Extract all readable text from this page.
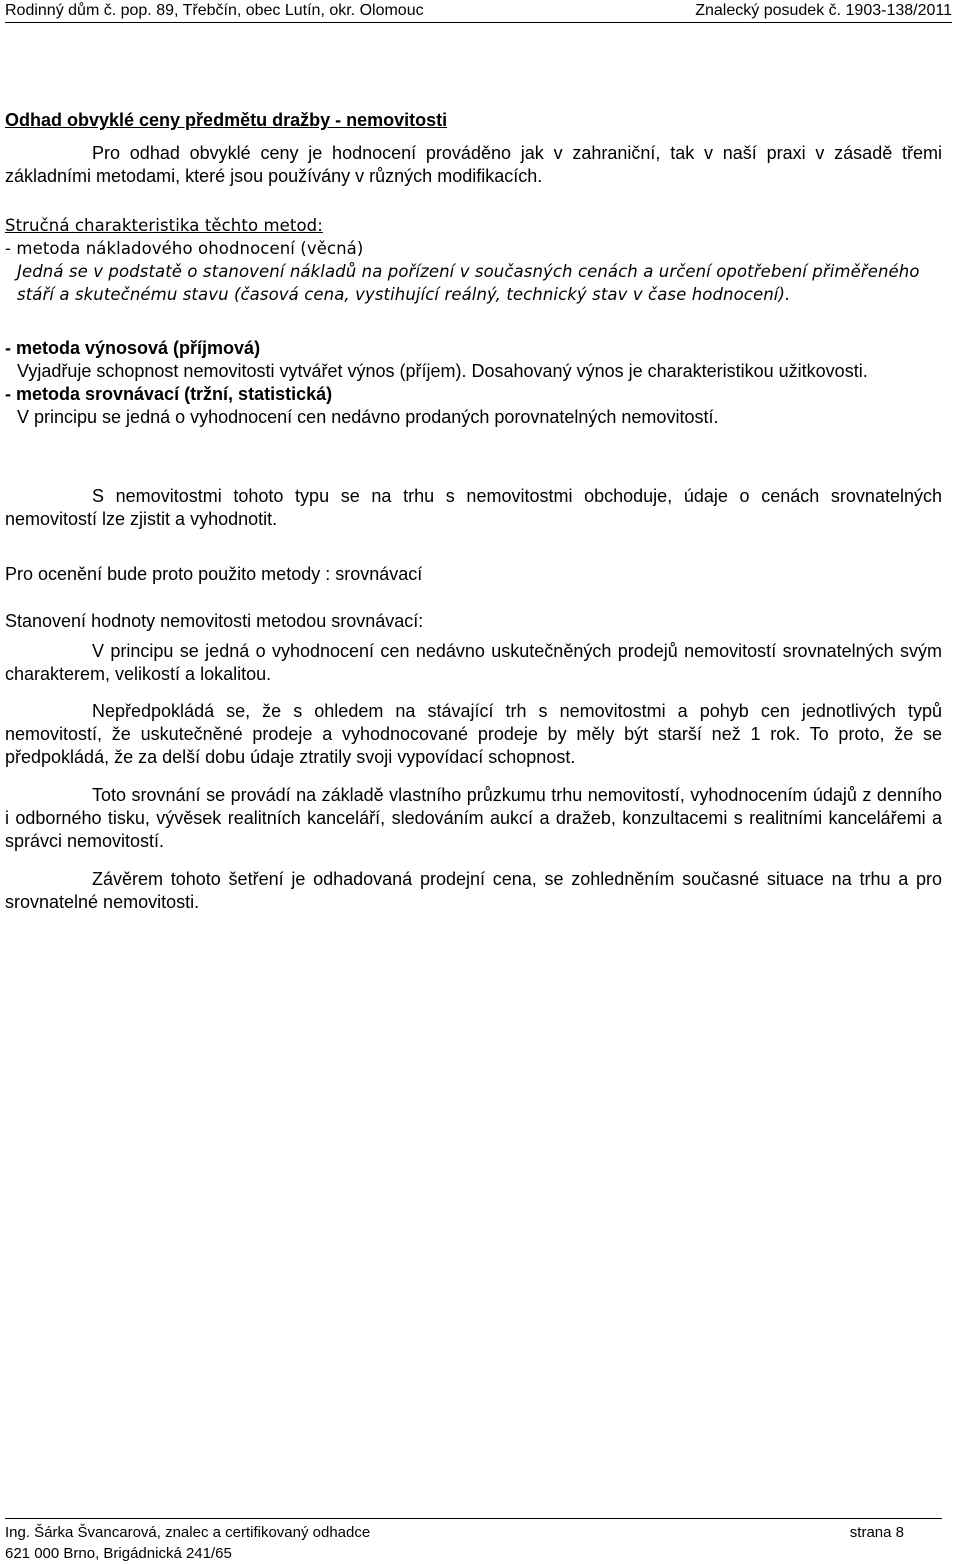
Rodinný dům č. pop. 89, Třebčín, obec Lutín, okr. Olomouc	Znalecký posudek č. 1903-138/2011
Odhad obvyklé ceny předmětu dražby - nemovitosti
Pro odhad obvyklé ceny je hodnocení prováděno jak v zahraniční, tak v naší praxi v zásadě třemi základními metodami, které jsou používány v různých modifikacích.
Stručná charakteristika těchto metod:
- metoda nákladového ohodnocení (věcná)
Jedná se v podstatě o stanovení nákladů na pořízení v současných cenách a určení opotřebení přiměřeného stáří a skutečnému stavu (časová cena, vystihující reálný, technický stav v čase hodnocení).
- metoda výnosová (příjmová)
Vyjadřuje schopnost nemovitosti vytvářet výnos (příjem). Dosahovaný výnos je charakteristikou užitkovosti.
- metoda srovnávací (tržní, statistická)
V principu se jedná o vyhodnocení cen nedávno prodaných porovnatelných nemovitostí.
S nemovitostmi tohoto typu se na trhu s nemovitostmi obchoduje, údaje o cenách srovnatelných nemovitostí lze zjistit a vyhodnotit.
Pro ocenění bude proto použito metody : srovnávací
Stanovení hodnoty nemovitosti metodou srovnávací:
V principu se jedná o vyhodnocení cen nedávno uskutečněných prodejů nemovitostí srovnatelných svým charakterem, velikostí a lokalitou.
Nepředpokládá se, že s ohledem na stávající trh s nemovitostmi a pohyb cen jednotlivých typů nemovitostí, že uskutečněné prodeje a vyhodnocované prodeje by měly být starší než 1 rok. To proto, že se předpokládá, že za delší dobu údaje ztratily svoji vypovídací schopnost.
Toto srovnání se provádí na základě vlastního průzkumu trhu nemovitostí, vyhodnocením údajů z denního i odborného tisku, vývěsek realitních kanceláří, sledováním aukcí a dražeb, konzultacemi s realitními kancelářemi a správci nemovitostí.
Závěrem tohoto šetření je odhadovaná prodejní cena, se zohledněním současné situace na trhu a pro srovnatelné nemovitosti.
Ing. Šárka Švancarová, znalec a certifikovaný odhadce
621 000 Brno, Brigádnická 241/65
strana 8
